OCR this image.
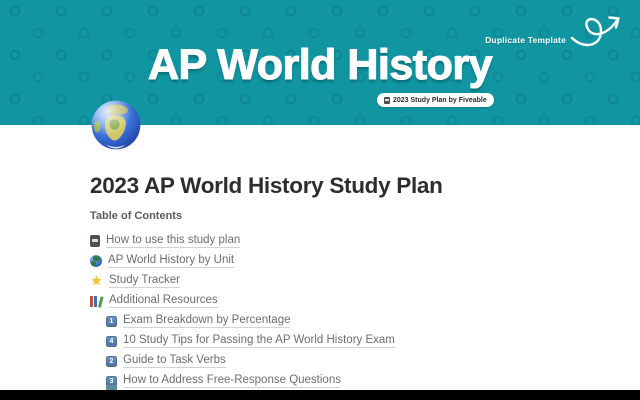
Duplicate Template
AP World History
2023 Study Plan by Fiveable
2023 AP World History Study Plan
Table of Contents
How to use this study plan
AP World History by Unit
★ Study Tracker
Additional Resources
1 Exam Breakdown by Percentage
4 10 Study Tips for Passing the AP World History Exam
2 Guide to Task Verbs
3 How to Address Free-Response Questions
